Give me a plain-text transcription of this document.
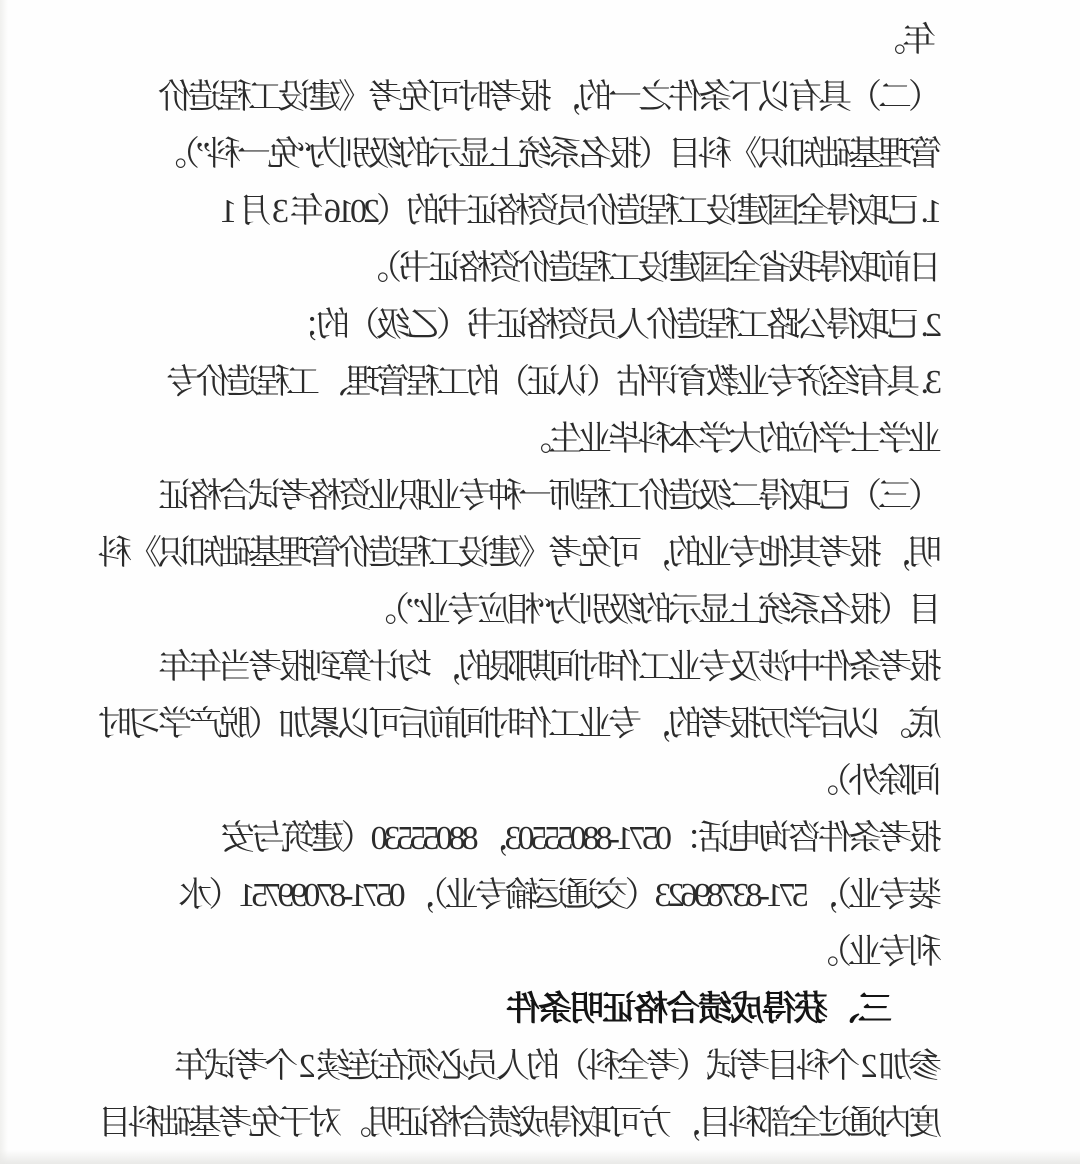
年。
（二）具有以下条件之一的，报考时可免考《建设工程造价
管理基础知识》科目（报名系统上显示的级别为“免一科”）。
1. 已取得全国建设工程造价员资格证书的（2016 年 3 月 1
日前取得我省全国建设工程造价资格证书）。
2. 已取得公路工程造价人员资格证书（乙级）的；
3. 具有经济专业教育评估（认证）的工程管理、工程造价专
业学士学位的大学本科毕业生。
（三）已取得二级造价工程师一种专业职业资格考试合格证
明，报考其他专业的，可免考《建设工程造价管理基础知识》科
目（报名系统上显示的级别为“相应专业”）。
报考条件中涉及专业工作时间期限的，均计算到报考当年年
底。以后学历报考的，专业工作时间前后可以累加（脱产学习时
间除外）。
报考条件咨询电话：0571-88055503，88055530（建筑与安
装专业），571-83789623（交通运输专业），0571-87099751（水
利专业）。
三、获得成绩合格证明条件
参加 2 个科目考试（考全科）的人员必须在连续 2 个考试年
度内通过全部科目，方可取得成绩合格证明。对于免考基础科目
